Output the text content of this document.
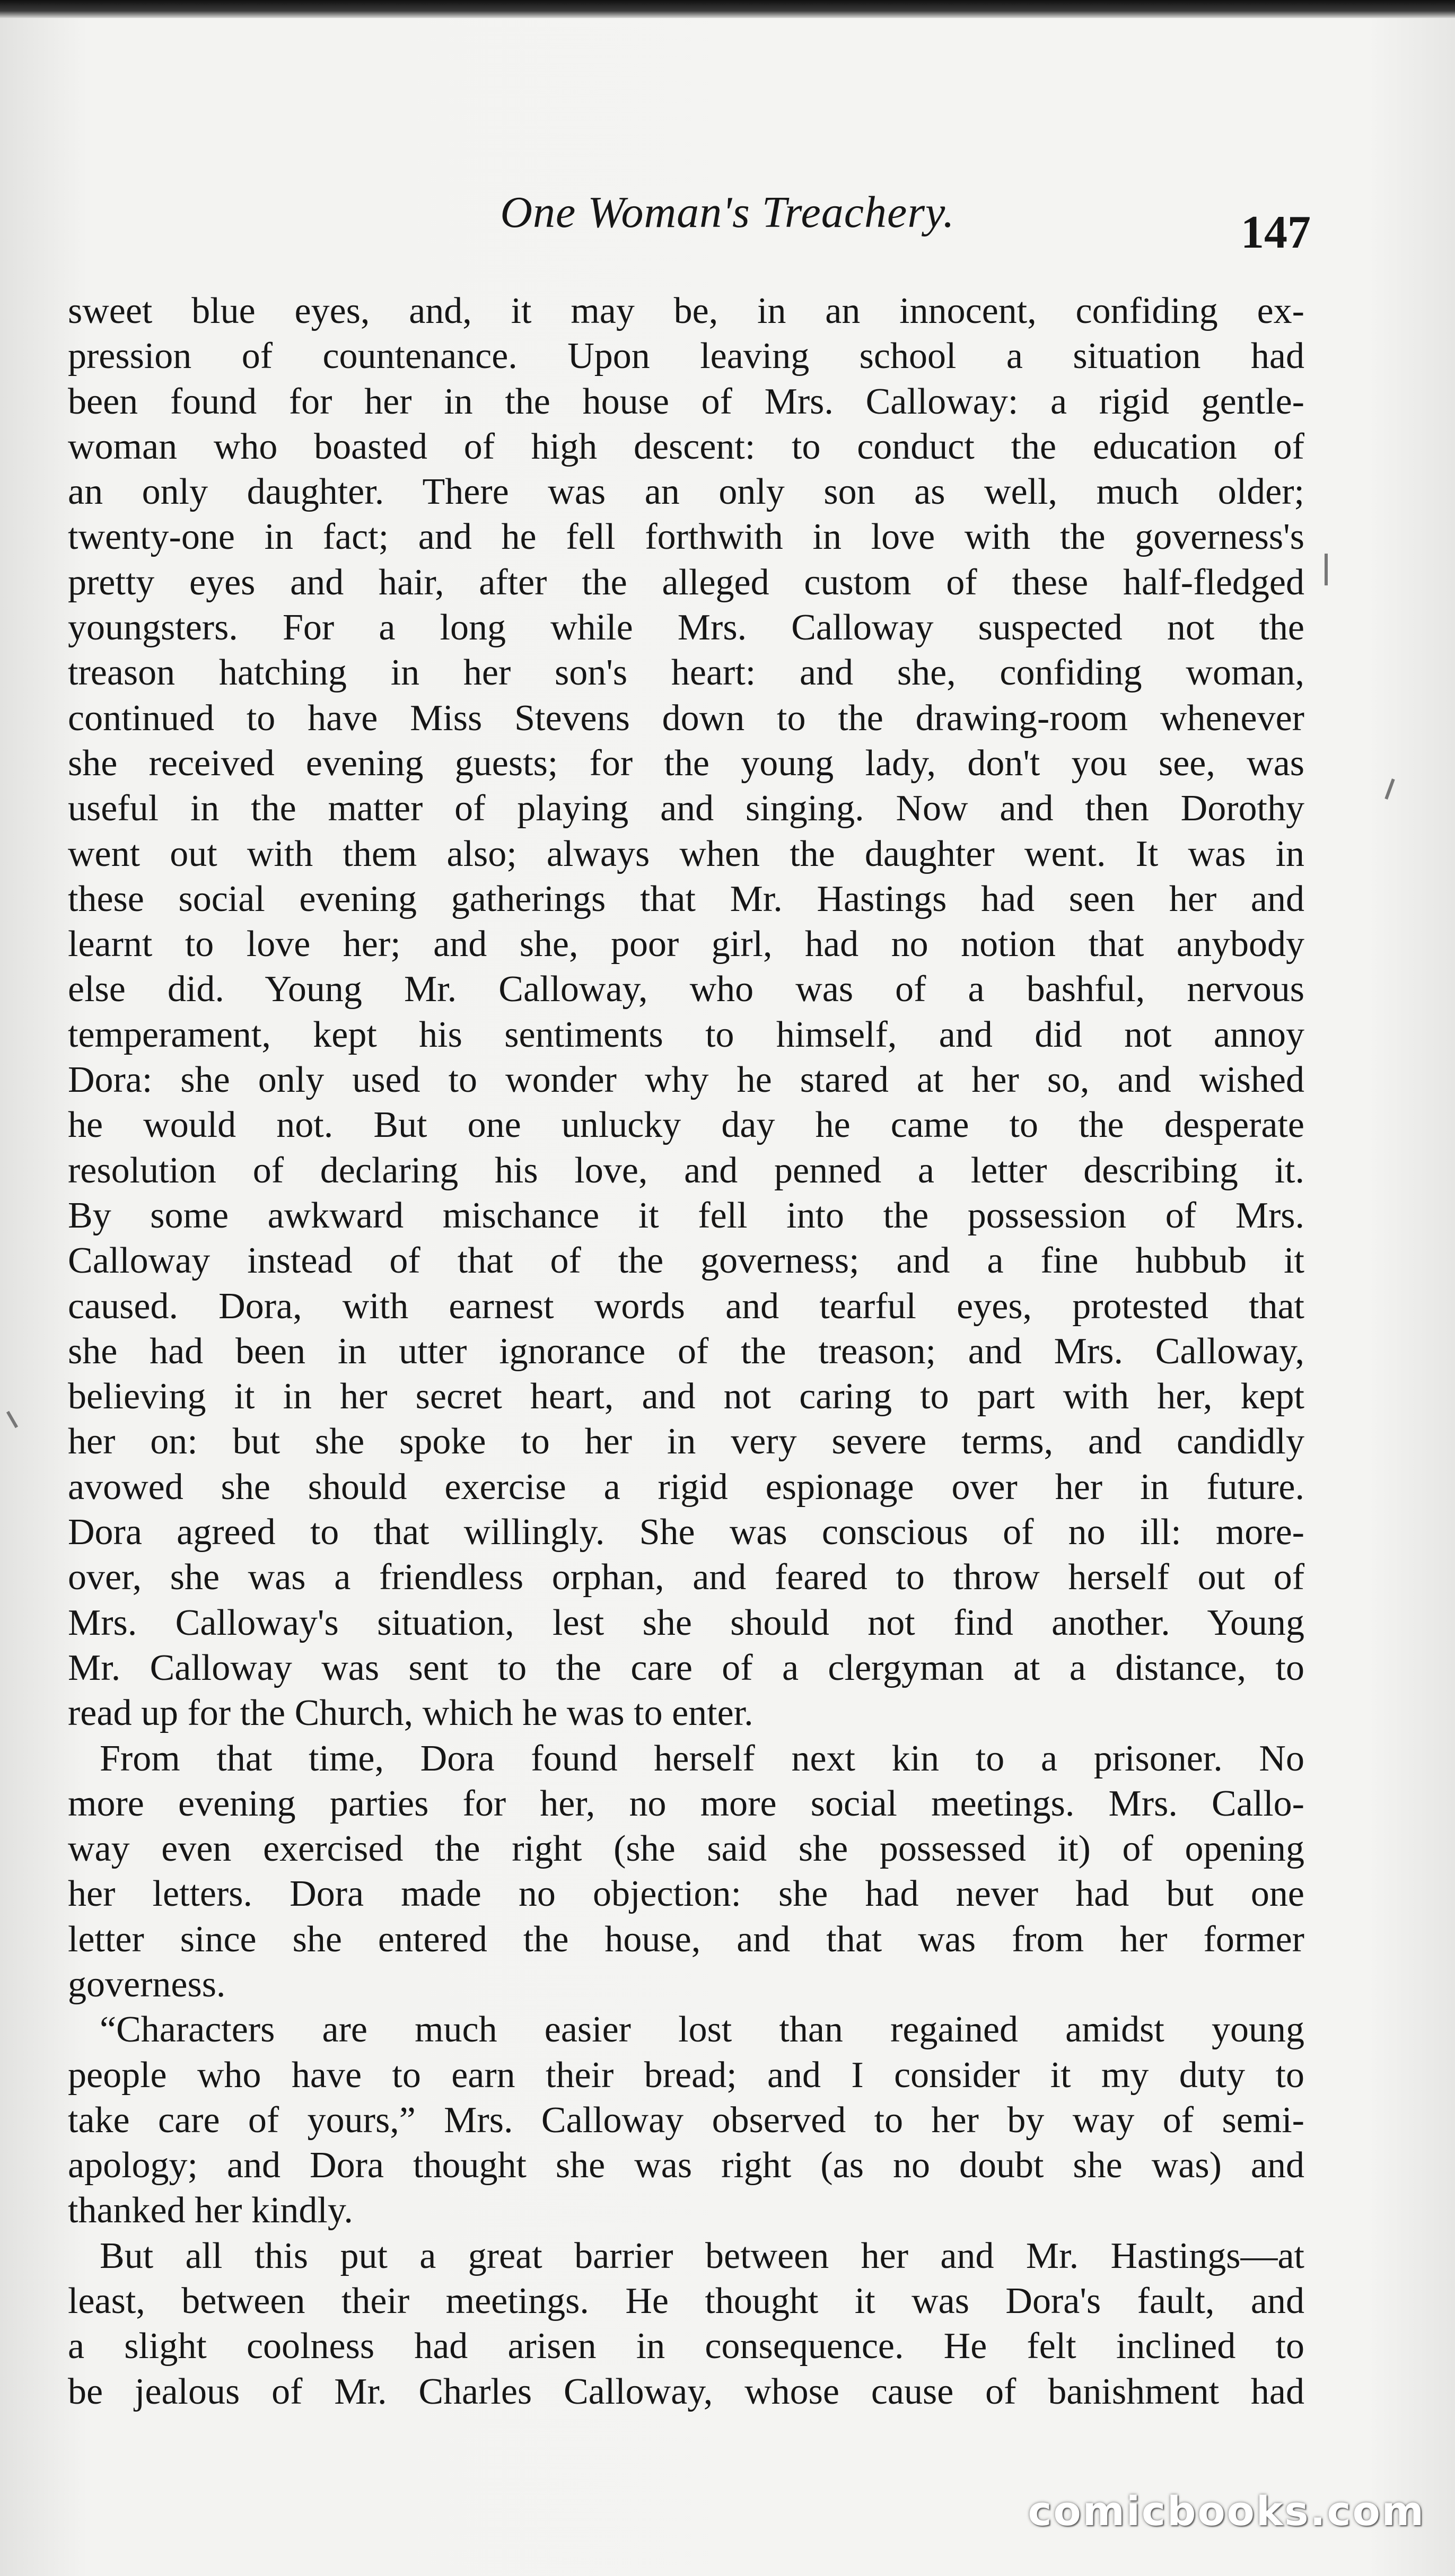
One Woman's Treachery.	147
sweet blue eyes, and, it may be, in an innocent, confiding ex-
pression of countenance. Upon leaving school a situation had
been found for her in the house of Mrs. Calloway: a rigid gentle-
woman who boasted of high descent: to conduct the education of
an only daughter. There was an only son as well, much older;
twenty-one in fact; and he fell forthwith in love with the governess's
pretty eyes and hair, after the alleged custom of these half-fledged
youngsters. For a long while Mrs. Calloway suspected not the
treason hatching in her son's heart: and she, confiding woman,
continued to have Miss Stevens down to the drawing-room whenever
she received evening guests; for the young lady, don't you see, was
useful in the matter of playing and singing. Now and then Dorothy
went out with them also; always when the daughter went. It was in
these social evening gatherings that Mr. Hastings had seen her and
learnt to love her; and she, poor girl, had no notion that anybody
else did. Young Mr. Calloway, who was of a bashful, nervous
temperament, kept his sentiments to himself, and did not annoy
Dora: she only used to wonder why he stared at her so, and wished
he would not. But one unlucky day he came to the desperate
resolution of declaring his love, and penned a letter describing it.
By some awkward mischance it fell into the possession of Mrs.
Calloway instead of that of the governess; and a fine hubbub it
caused. Dora, with earnest words and tearful eyes, protested that
she had been in utter ignorance of the treason; and Mrs. Calloway,
believing it in her secret heart, and not caring to part with her, kept
her on: but she spoke to her in very severe terms, and candidly
avowed she should exercise a rigid espionage over her in future.
Dora agreed to that willingly. She was conscious of no ill: more-
over, she was a friendless orphan, and feared to throw herself out of
Mrs. Calloway's situation, lest she should not find another. Young
Mr. Calloway was sent to the care of a clergyman at a distance, to
read up for the Church, which he was to enter.
From that time, Dora found herself next kin to a prisoner. No
more evening parties for her, no more social meetings. Mrs. Callo-
way even exercised the right (she said she possessed it) of opening
her letters. Dora made no objection: she had never had but one
letter since she entered the house, and that was from her former
governess.
“Characters are much easier lost than regained amidst young
people who have to earn their bread; and I consider it my duty to
take care of yours,” Mrs. Calloway observed to her by way of semi-
apology; and Dora thought she was right (as no doubt she was) and
thanked her kindly.
But all this put a great barrier between her and Mr. Hastings—at
least, between their meetings. He thought it was Dora's fault, and
a slight coolness had arisen in consequence. He felt inclined to
be jealous of Mr. Charles Calloway, whose cause of banishment had
comicbooks.com
